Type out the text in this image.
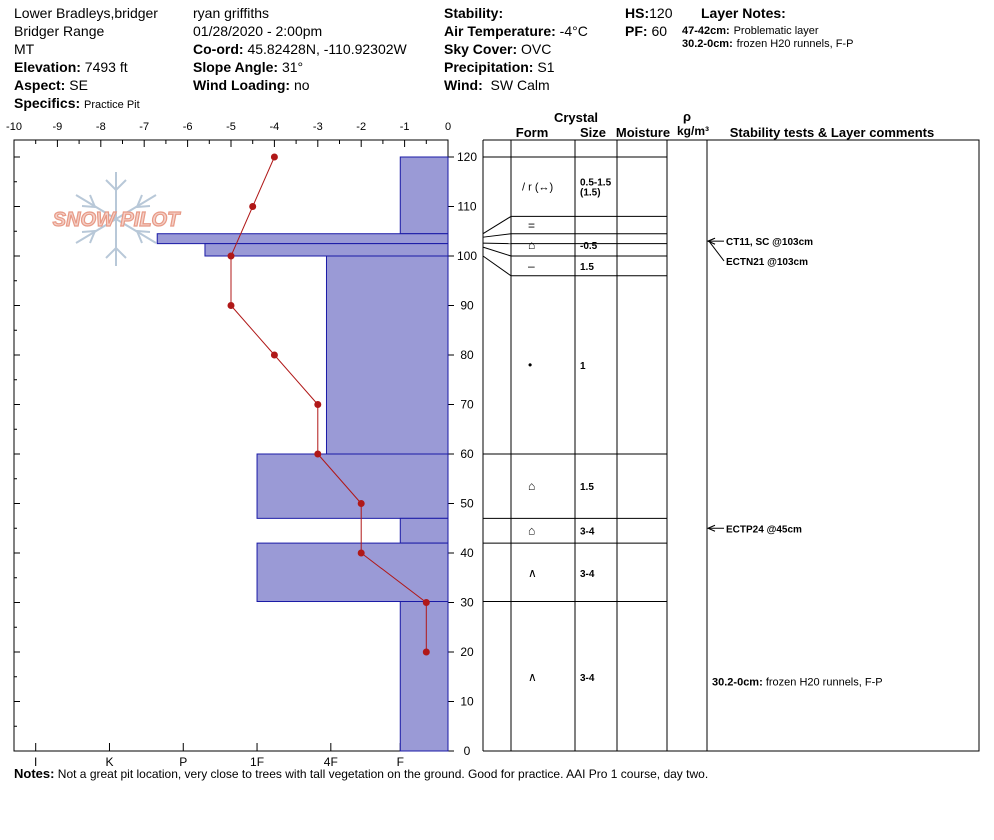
Lower Bradleys,bridger
Bridger Range
MT
Elevation: 7493 ft
Aspect: SE
Specifics: Practice Pit
ryan griffiths
01/28/2020 - 2:00pm
Co-ord: 45.82428N, -110.92302W
Slope Angle: 31°
Wind Loading: no
Stability:
Air Temperature: -4°C
Sky Cover: OVC
Precipitation: S1
Wind: SW Calm
HS:120
PF: 60
Layer Notes:
47-42cm: Problematic layer
30.2-0cm: frozen H20 runnels, F-P
SNOW PILOT
-10	-9	-8	-7	-6	-5	-4	-3	-2	-1	0
I	K	P	1F	4F	F
0
10
20
30
40
50
60
70
80
90
100
110
120
Crystal
Form Size Moisture
ρ
kg/m³ Stability tests & Layer comments
/ r (↔)	0.5-1.5
(1.5)
=
⌂	-0.5
–	1.5
•	1
⌂	1.5
⌂	3-4
∧	3-4
∧	3-4
CT11, SC @103cm
ECTN21 @103cm
ECTP24 @45cm
30.2-0cm: frozen H20 runnels, F-P
Notes: Not a great pit location, very close to trees with tall vegetation on the ground. Good for practice. AAI Pro 1 course, day two.
